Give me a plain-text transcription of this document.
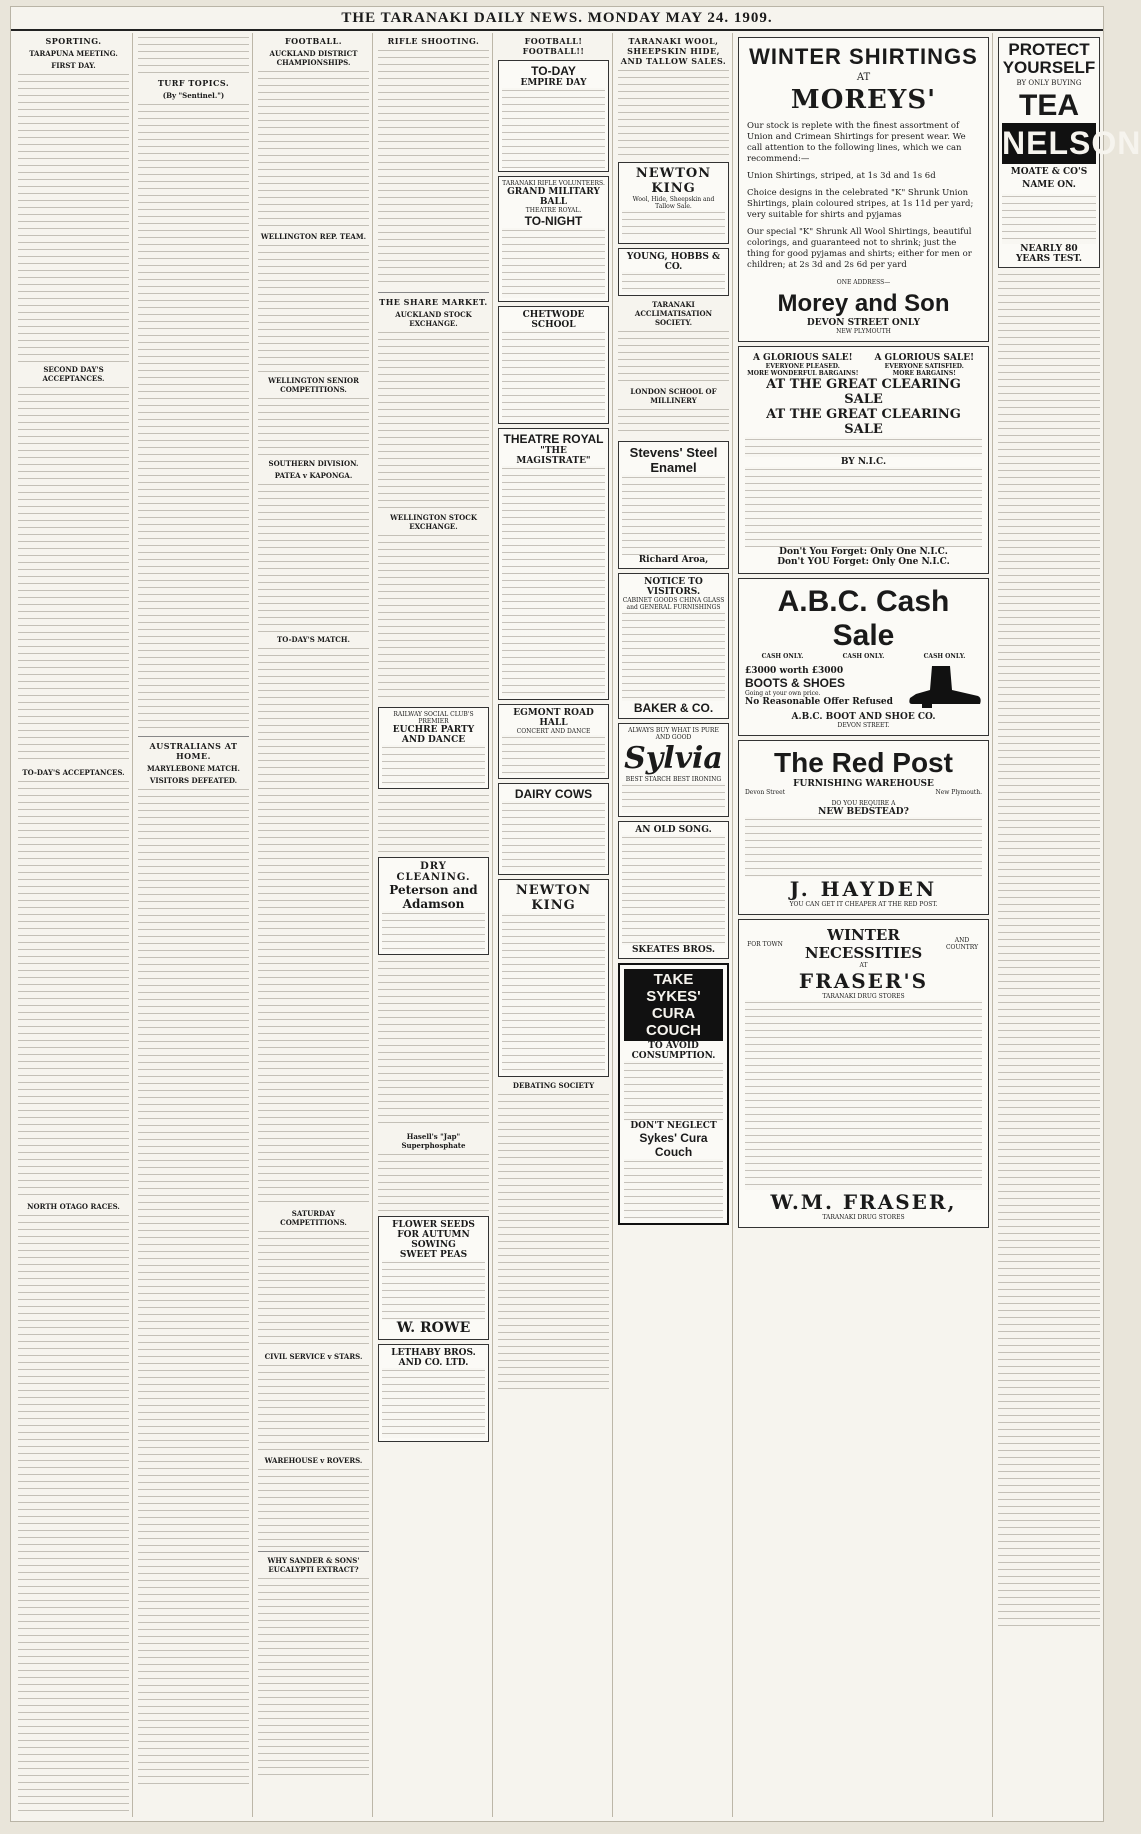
THE TARANAKI DAILY NEWS. MONDAY MAY 24. 1909.
SPORTING.
TARAPUNA MEETING.
FIRST DAY.
SECOND DAY'S ACCEPTANCES.
TO-DAY'S ACCEPTANCES.
NORTH OTAGO RACES.
TURF TOPICS.
(By "Sentinel.")
AUSTRALIANS AT HOME.
MARYLEBONE MATCH.
VISITORS DEFEATED.
FOOTBALL.
AUCKLAND DISTRICT CHAMPIONSHIPS.
WELLINGTON REP. TEAM.
WELLINGTON SENIOR COMPETITIONS.
SOUTHERN DIVISION.
PATEA v KAPONGA.
TO-DAY'S MATCH.
SATURDAY COMPETITIONS.
CIVIL SERVICE v STARS.
WAREHOUSE v ROVERS.
WHY SANDER & SONS' EUCALYPTI EXTRACT?
RIFLE SHOOTING.
THE SHARE MARKET.
AUCKLAND STOCK EXCHANGE.
WELLINGTON STOCK EXCHANGE.
RAILWAY SOCIAL CLUB'S PREMIER
EUCHRE PARTY AND DANCE
DRY CLEANING.
Peterson and Adamson
Hasell's "Jap" Superphosphate
FLOWER SEEDS FOR AUTUMN SOWING
SWEET PEAS
W. ROWE
LETHABY BROS. AND CO. LTD.
FOOTBALL! FOOTBALL!!
TO-DAY
EMPIRE DAY
TARANAKI RIFLE VOLUNTEERS.
GRAND MILITARY BALL
THEATRE ROYAL.
TO-NIGHT
CHETWODE SCHOOL
THEATRE ROYAL
"THE MAGISTRATE"
EGMONT ROAD HALL
CONCERT AND DANCE
DAIRY COWS
NEWTON KING
DEBATING SOCIETY
TARANAKI WOOL, SHEEPSKIN HIDE, AND TALLOW SALES.
NEWTON KING
Wool, Hide, Sheepskin and Tallow Sale.
YOUNG, HOBBS & CO.
TARANAKI ACCLIMATISATION SOCIETY.
LONDON SCHOOL OF MILLINERY
Stevens' Steel Enamel
Richard Aroa,
NOTICE TO VISITORS.
CABINET GOODS CHINA GLASS and GENERAL FURNISHINGS
BAKER & CO.
ALWAYS BUY WHAT IS PURE AND GOOD
Sylvia
BEST STARCH BEST IRONING
AN OLD SONG.
SKEATES BROS.
TAKE SYKES' CURA COUCH
TO AVOID CONSUMPTION.
DON'T NEGLECT
Sykes' Cura Couch
WINTER SHIRTINGS
AT
MOREYS'
Our stock is replete with the finest assortment of Union and Crimean Shirtings for present wear. We call attention to the following lines, which we can recommend:—
Union Shirtings, striped, at 1s 3d and 1s 6d
Choice designs in the celebrated "K" Shrunk Union Shirtings, plain coloured stripes, at 1s 11d per yard; very suitable for shirts and pyjamas
Our special "K" Shrunk All Wool Shirtings, beautiful colorings, and guaranteed not to shrink; just the thing for good pyjamas and shirts; either for men or children; at 2s 3d and 2s 6d per yard
ONE ADDRESS—
Morey and Son
DEVON STREET ONLY
NEW PLYMOUTH
A GLORIOUS SALE!	A GLORIOUS SALE!
EVERYONE PLEASED.	EVERYONE SATISFIED.
MORE WONDERFUL BARGAINS!	MORE BARGAINS!
AT THE GREAT CLEARING SALE
AT THE GREAT CLEARING SALE
BY N.I.C.
Don't You Forget: Only One N.I.C.
Don't YOU Forget: Only One N.I.C.
A.B.C. Cash Sale
CASH ONLY.	CASH ONLY.	CASH ONLY.
£3000 worth £3000
BOOTS & SHOES
Going at your own price.
No Reasonable Offer Refused
A.B.C. BOOT AND SHOE CO.
DEVON STREET.
The Red Post
FURNISHING WAREHOUSE
Devon Street	New Plymouth.
DO YOU REQUIRE A
NEW BEDSTEAD?
J. HAYDEN
YOU CAN GET IT CHEAPER AT THE RED POST.
FOR TOWN	WINTER NECESSITIES
AND COUNTRY
AT
FRASER'S
TARANAKI DRUG STORES
W.M. FRASER,
TARANAKI DRUG STORES
PROTECT YOURSELF
BY ONLY BUYING
TEA
NELSON
MOATE & CO'S
NAME ON.
NEARLY 80 YEARS TEST.
